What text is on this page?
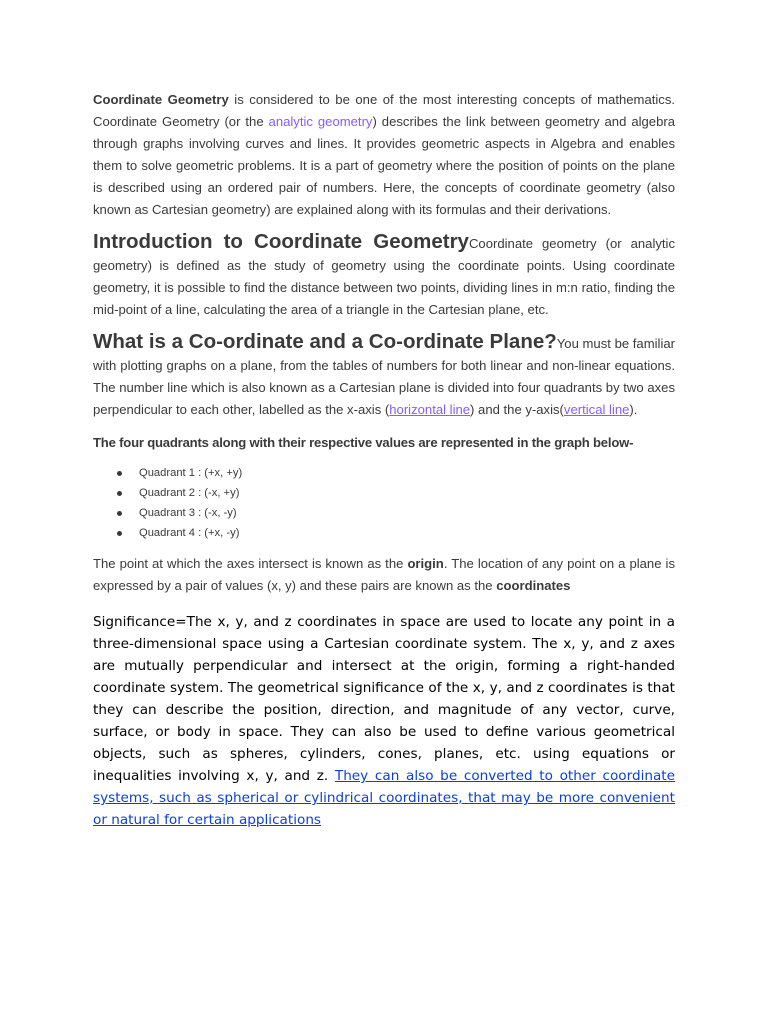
Coordinate Geometry is considered to be one of the most interesting concepts of mathematics. Coordinate Geometry (or the analytic geometry) describes the link between geometry and algebra through graphs involving curves and lines. It provides geometric aspects in Algebra and enables them to solve geometric problems. It is a part of geometry where the position of points on the plane is described using an ordered pair of numbers. Here, the concepts of coordinate geometry (also known as Cartesian geometry) are explained along with its formulas and their derivations.

Introduction to Coordinate GeometryCoordinate geometry (or analytic geometry) is defined as the study of geometry using the coordinate points. Using coordinate geometry, it is possible to find the distance between two points, dividing lines in m:n ratio, finding the mid-point of a line, calculating the area of a triangle in the Cartesian plane, etc.

What is a Co-ordinate and a Co-ordinate Plane?You must be familiar with plotting graphs on a plane, from the tables of numbers for both linear and non-linear equations. The number line which is also known as a Cartesian plane is divided into four quadrants by two axes perpendicular to each other, labelled as the x-axis (horizontal line) and the y-axis(vertical line).

The four quadrants along with their respective values are represented in the graph below-

Quadrant 1 : (+x, +y)
Quadrant 2 : (-x, +y)
Quadrant 3 : (-x, -y)
Quadrant 4 : (+x, -y)

The point at which the axes intersect is known as the origin. The location of any point on a plane is expressed by a pair of values (x, y) and these pairs are known as the coordinates

Significance=The x, y, and z coordinates in space are used to locate any point in a three-dimensional space using a Cartesian coordinate system. The x, y, and z axes are mutually perpendicular and intersect at the origin, forming a right-handed coordinate system. The geometrical significance of the x, y, and z coordinates is that they can describe the position, direction, and magnitude of any vector, curve, surface, or body in space. They can also be used to define various geometrical objects, such as spheres, cylinders, cones, planes, etc. using equations or inequalities involving x, y, and z. They can also be converted to other coordinate systems, such as spherical or cylindrical coordinates, that may be more convenient or natural for certain applications
